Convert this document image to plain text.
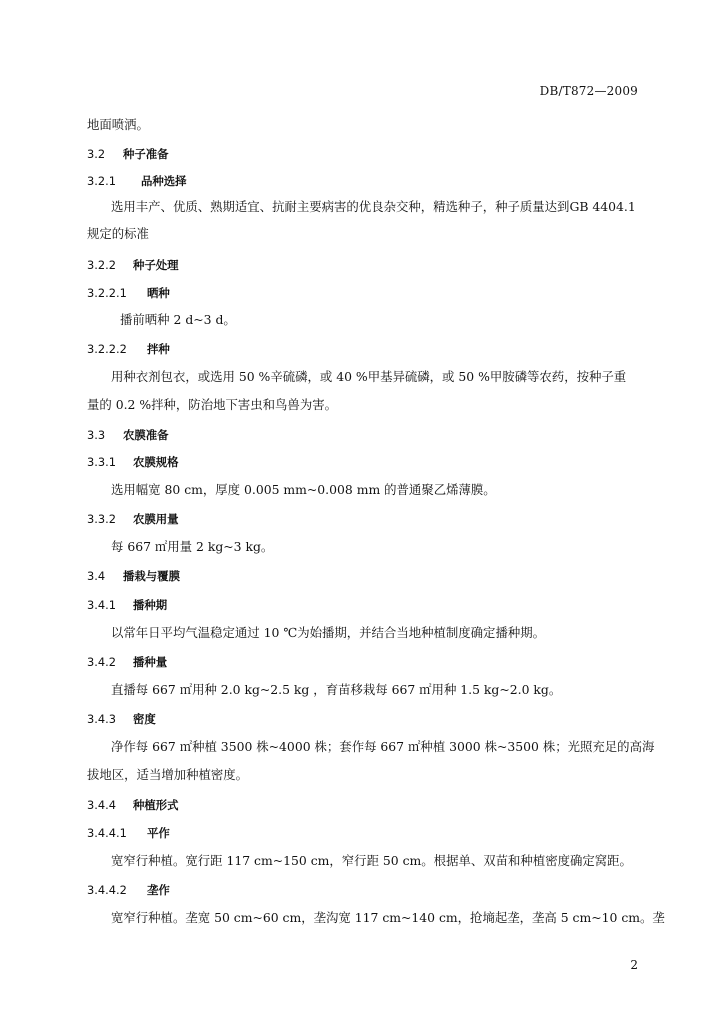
DB/T872—2009
地面喷洒。
3.2 种子准备
3.2.1 品种选择
选用丰产、优质、熟期适宜、抗耐主要病害的优良杂交种，精选种子，种子质量达到GB 4404.1
规定的标准
3.2.2 种子处理
3.2.2.1 晒种
播前晒种 2 d~3 d。
3.2.2.2 拌种
用种衣剂包衣，或选用 50 %辛硫磷，或 40 %甲基异硫磷，或 50 %甲胺磷等农药，按种子重
量的 0.2 %拌种，防治地下害虫和鸟兽为害。
3.3 农膜准备
3.3.1 农膜规格
选用幅宽 80 cm，厚度 0.005 mm~0.008 mm 的普通聚乙烯薄膜。
3.3.2 农膜用量
每 667 ㎡用量 2 kg~3 kg。
3.4 播栽与覆膜
3.4.1 播种期
以常年日平均气温稳定通过 10 ℃为始播期，并结合当地种植制度确定播种期。
3.4.2 播种量
直播每 667 ㎡用种 2.0 kg~2.5 kg ，育苗移栽每 667 ㎡用种 1.5 kg~2.0 kg。
3.4.3 密度
净作每 667 ㎡种植 3500 株~4000 株；套作每 667 ㎡种植 3000 株~3500 株；光照充足的高海
拔地区，适当增加种植密度。
3.4.4 种植形式
3.4.4.1 平作
宽窄行种植。宽行距 117 cm~150 cm，窄行距 50 cm。根据单、双苗和种植密度确定窝距。
3.4.4.2 垄作
宽窄行种植。垄宽 50 cm~60 cm，垄沟宽 117 cm~140 cm，抢墒起垄，垄高 5 cm~10 cm。垄
2
